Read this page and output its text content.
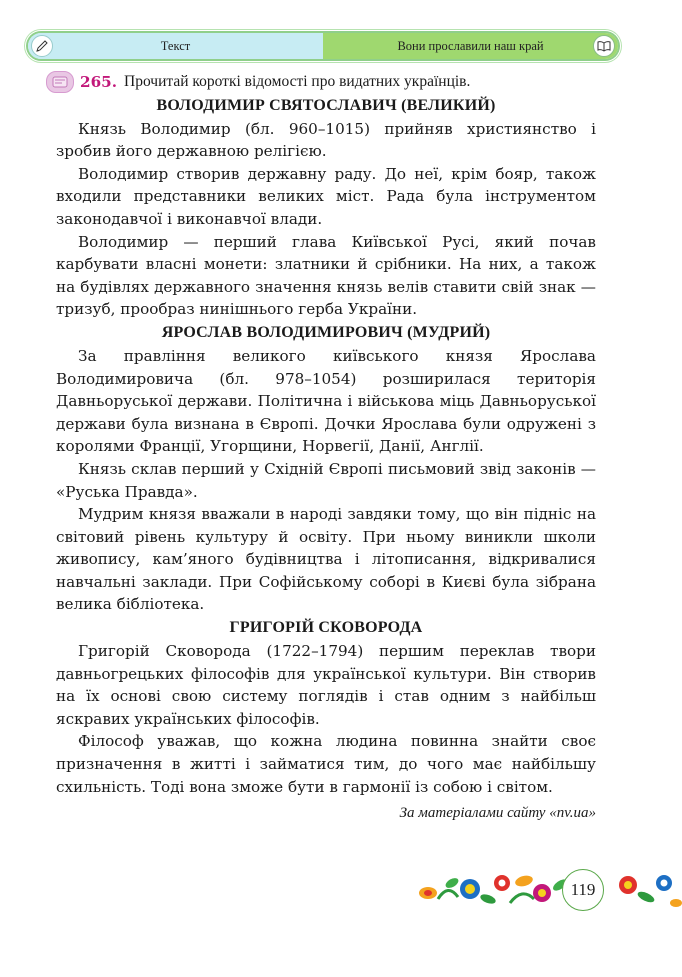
Текст	Вони прославили наш край
265. Прочитай короткі відомості про видатних українців.
ВОЛОДИМИР СВЯТОСЛАВИЧ (ВЕЛИКИЙ)

Князь Володимир (бл. 960–1015) прийняв християнство і зробив його державною релігією.

Володимир створив державну раду. До неї, крім бояр, також входили представники великих міст. Рада була інструментом законодавчої і виконавчої влади.

Володимир — перший глава Київської Русі, який почав карбувати власні монети: златники й срібники. На них, а також на будівлях державного значення князь велів ставити свій знак — тризуб, прообраз нинішнього герба України.

ЯРОСЛАВ ВОЛОДИМИРОВИЧ (МУДРИЙ)

За правління великого київського князя Ярослава Володимировича (бл. 978–1054) розширилася територія Давньоруської держави. Політична і військова міць Давньоруської держави була визнана в Європі. Дочки Ярослава були одружені з королями Франції, Угорщини, Норвегії, Данії, Англії.

Князь склав перший у Східній Європі письмовий звід законів — «Руська Правда».

Мудрим князя вважали в народі завдяки тому, що він підніс на світовий рівень культуру й освіту. При ньому виникли школи живопису, кам’яного будівництва і літописання, відкривалися навчальні заклади. При Софійському соборі в Києві була зібрана велика бібліотека.

ГРИГОРІЙ СКОВОРОДА

Григорій Сковорода (1722–1794) першим переклав твори давньогрецьких філософів для української культури. Він створив на їх основі свою систему поглядів і став одним з найбільш яскравих українських філософів.

Філософ уважав, що кожна людина повинна знайти своє призначення в житті і займатися тим, до чого має найбільшу схильність. Тоді вона зможе бути в гармонії із собою і світом.

За матеріалами сайту «nv.ua»
119
